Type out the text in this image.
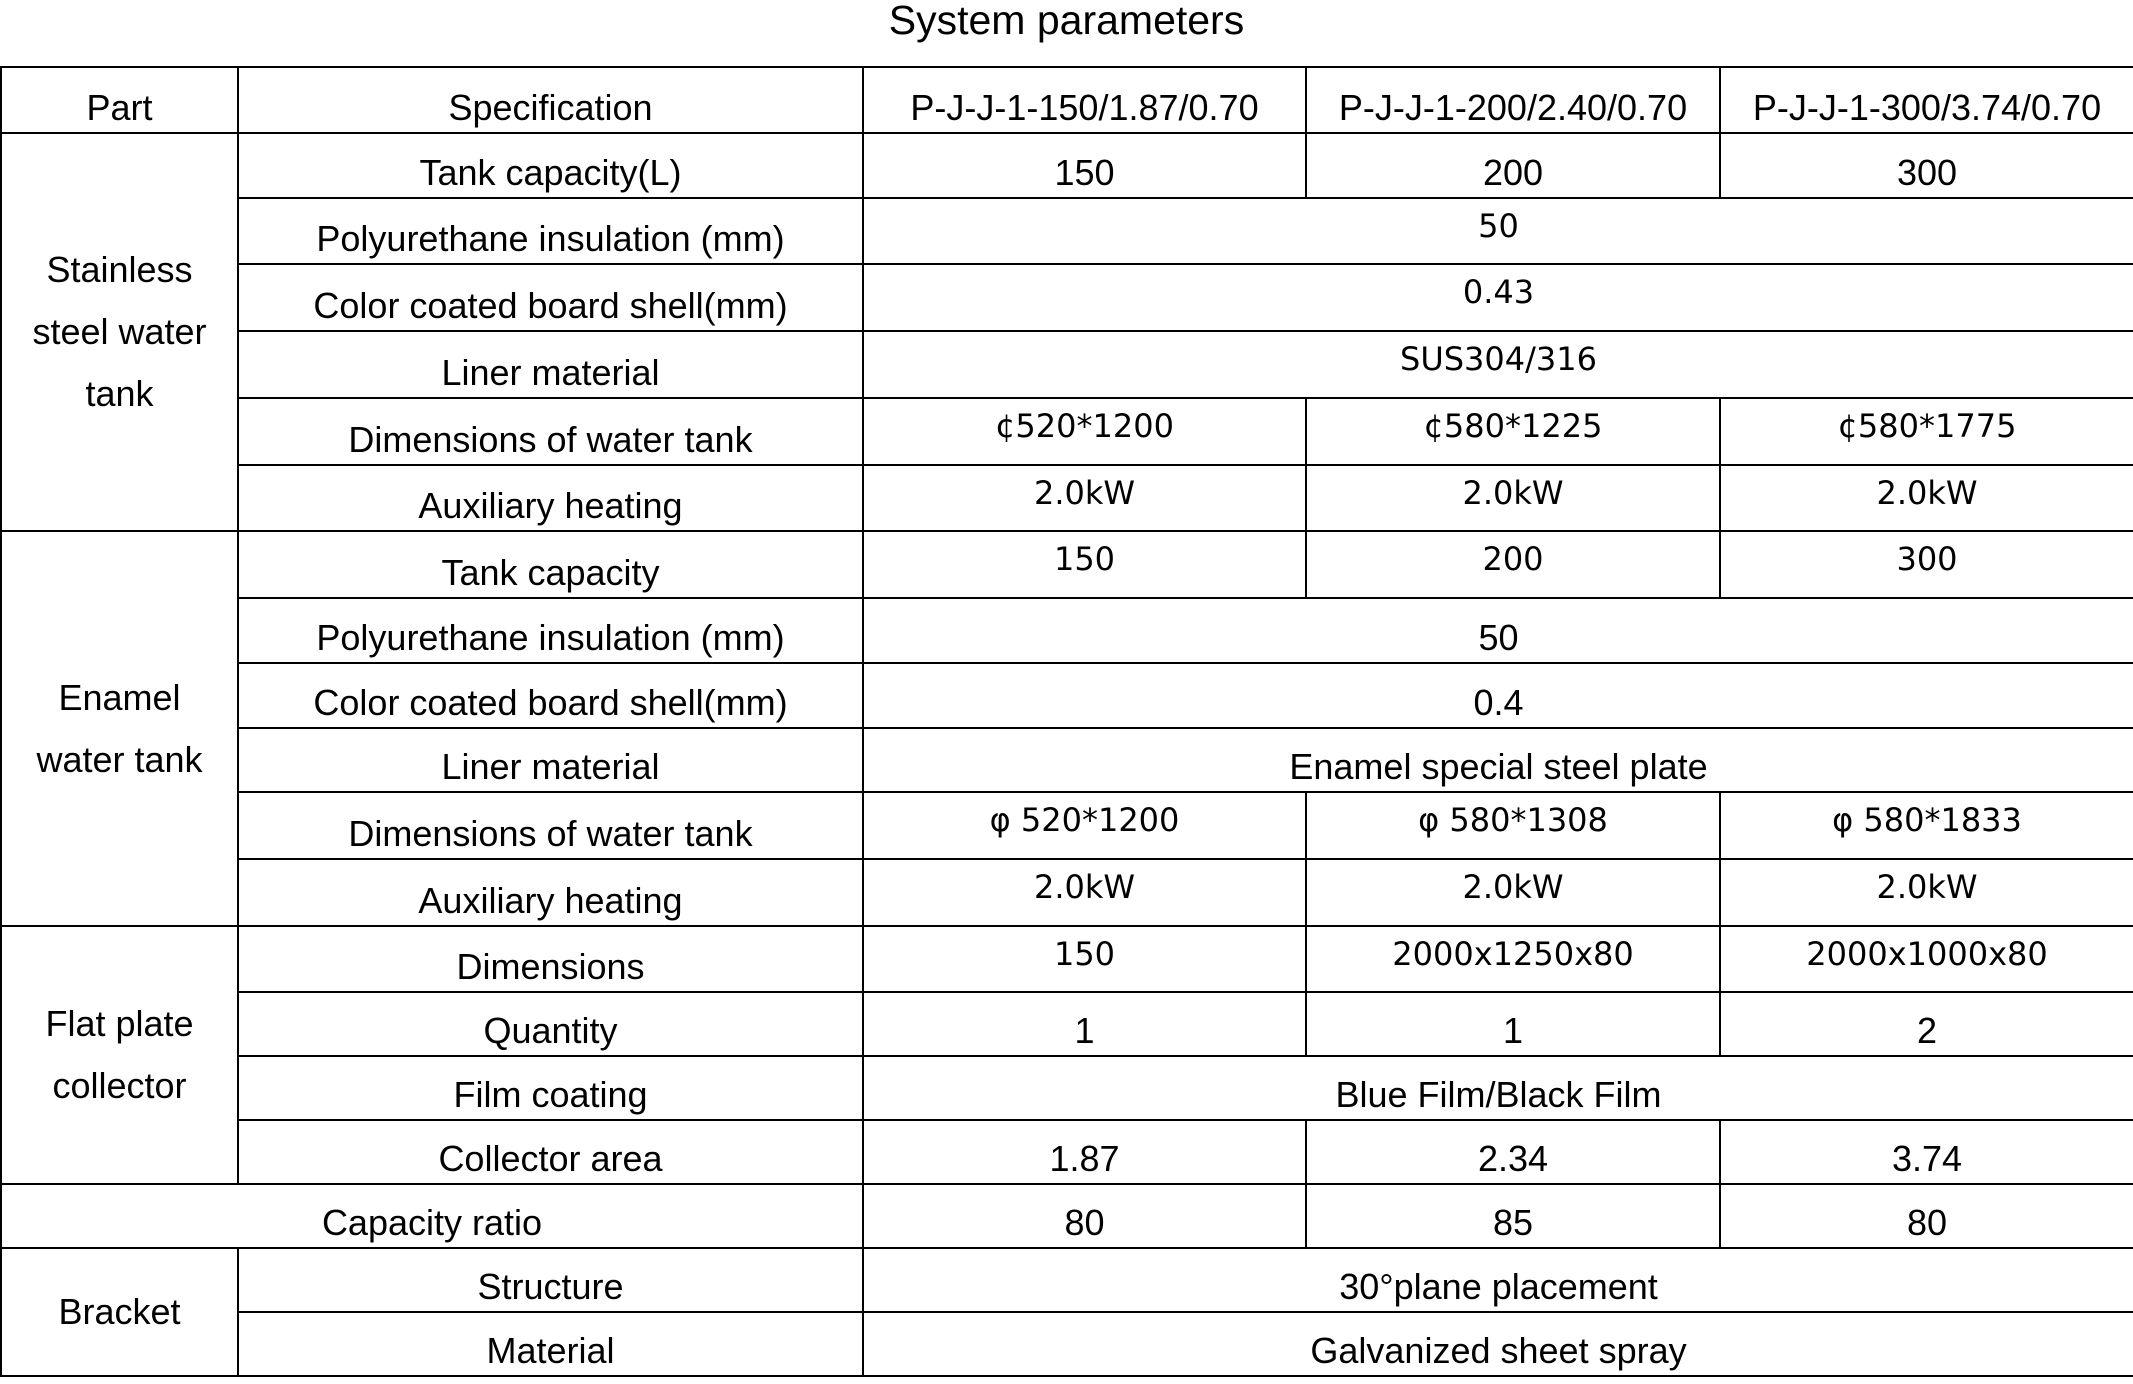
System parameters
Part	Specification	P-J-J-1-150/1.87/0.70	P-J-J-1-200/2.40/0.70	P-J-J-1-300/3.74/0.70
Stainless steel water tank	Tank capacity(L)	150	200	300
	Polyurethane insulation (mm)	50		
	Color coated board shell(mm)	0.43		
	Liner material	SUS304/316		
	Dimensions of water tank	¢520*1200	¢580*1225	¢580*1775
	Auxiliary heating	2.0kW	2.0kW	2.0kW
Enamel water tank	Tank capacity	150	200	300
	Polyurethane insulation (mm)	50		
	Color coated board shell(mm)	0.4		
	Liner material	Enamel special steel plate		
	Dimensions of water tank	φ 520*1200	φ 580*1308	φ 580*1833
	Auxiliary heating	2.0kW	2.0kW	2.0kW
Flat plate collector	Dimensions	150	2000x1250x80	2000x1000x80
	Quantity	1	1	2
	Film coating	Blue Film/Black Film		
	Collector area	1.87	2.34	3.74
Capacity ratio		80	85	80
Bracket	Structure	30°plane placement		
	Material	Galvanized sheet spray		
